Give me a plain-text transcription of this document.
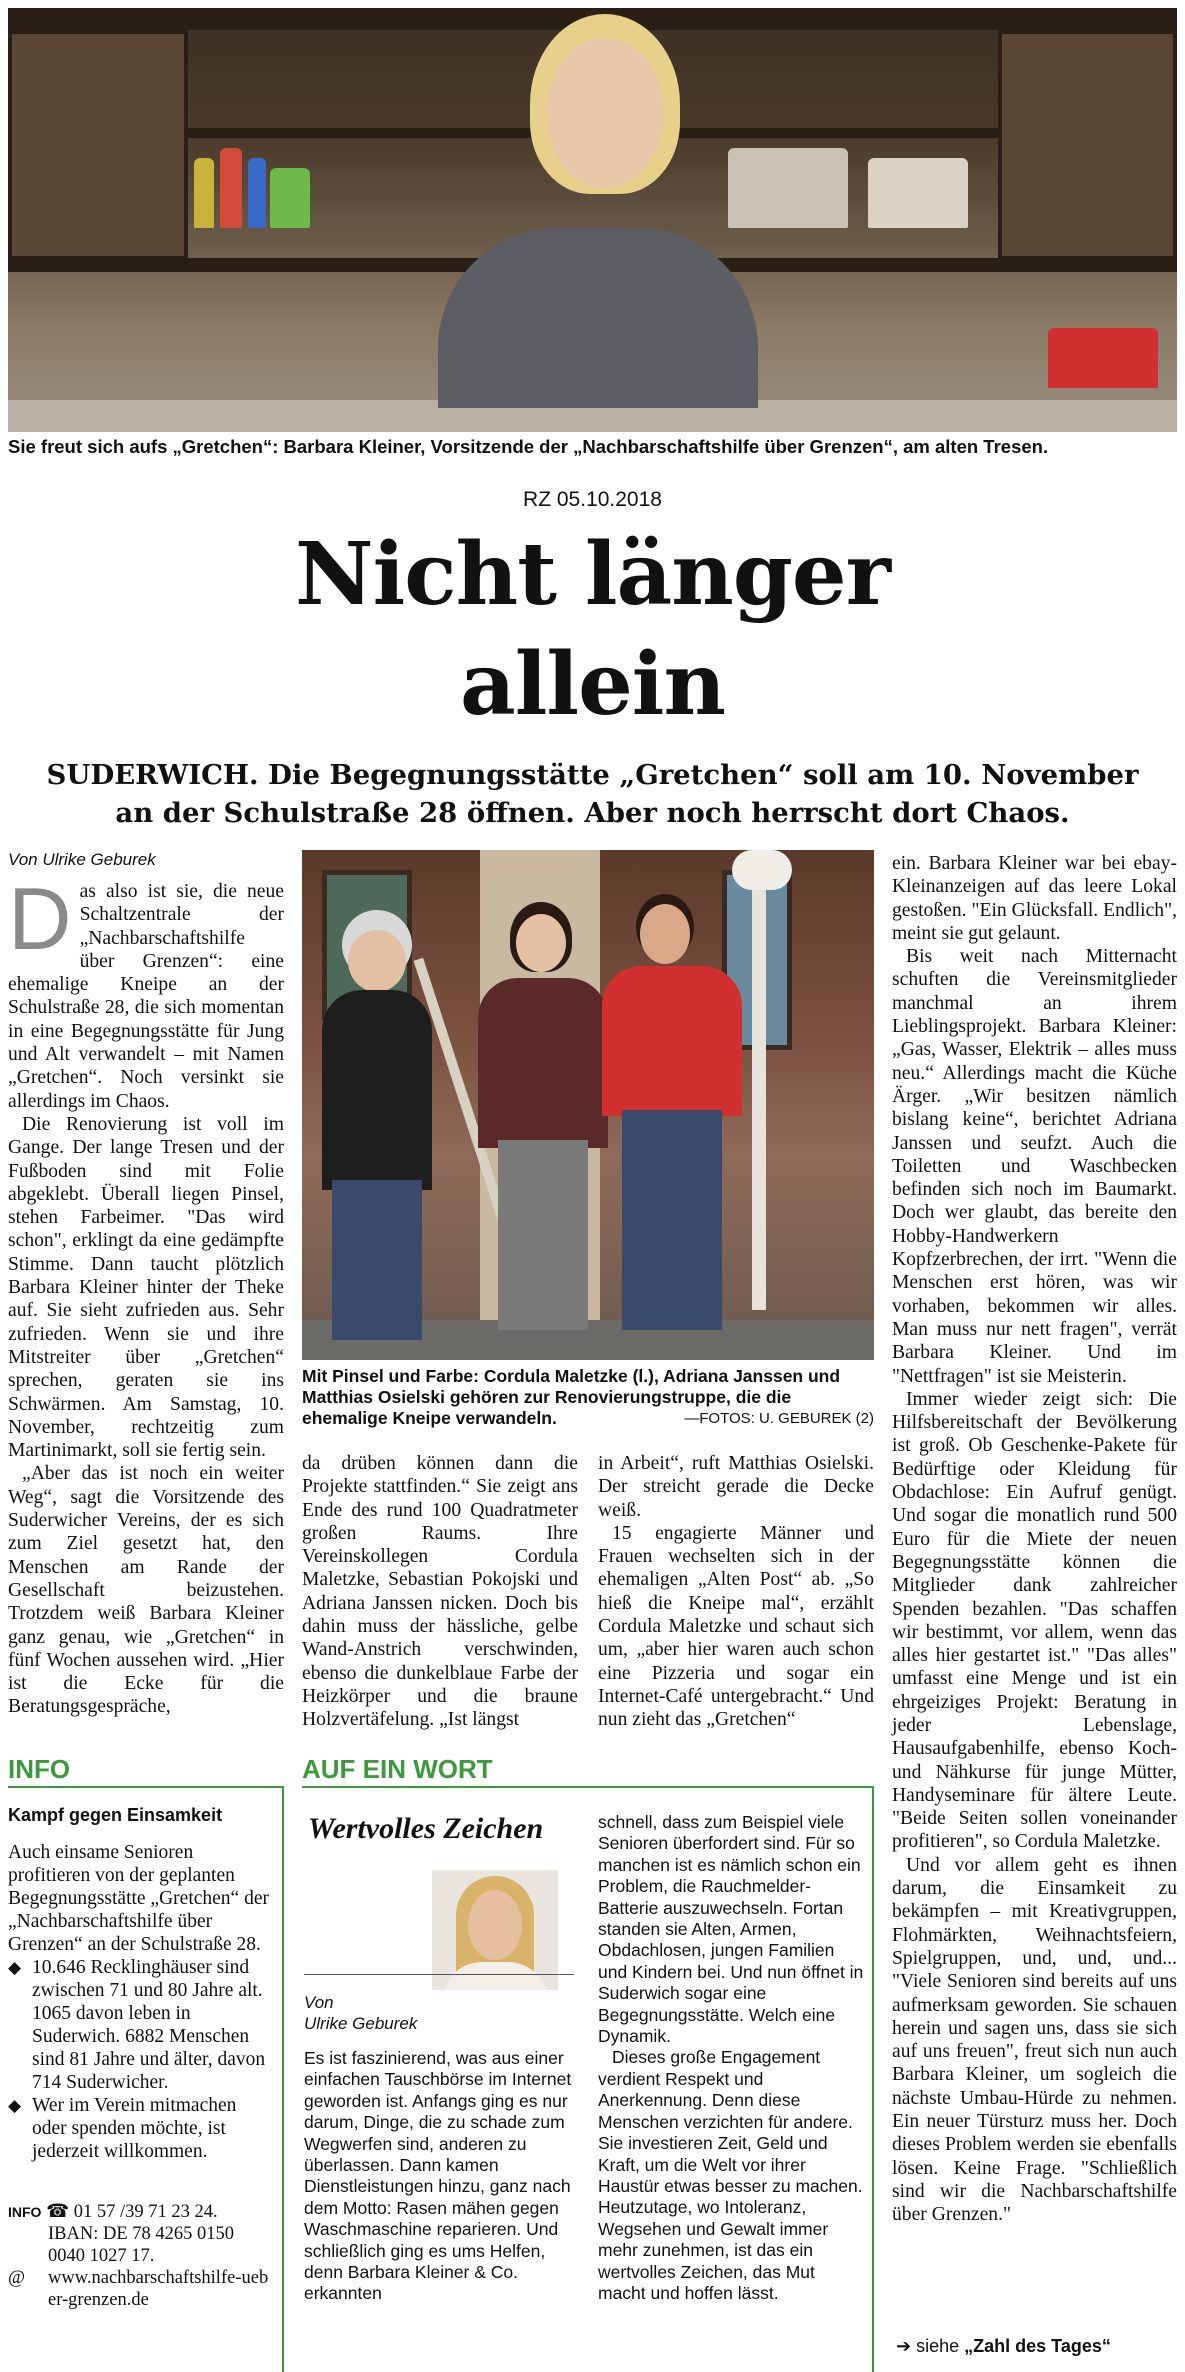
Sie freut sich aufs „Gretchen“: Barbara Kleiner, Vorsitzende der „Nachbarschaftshilfe über Grenzen“, am alten Tresen.
RZ 05.10.2018
Nicht länger
allein
SUDERWICH. Die Begegnungsstätte „Gretchen“ soll am 10. November an der Schulstraße 28 öffnen. Aber noch herrscht dort Chaos.
Von Ulrike Geburek

Das also ist sie, die neue Schaltzentrale der „Nachbarschaftshilfe über Grenzen“: eine ehemalige Kneipe an der Schulstraße 28, die sich momentan in eine Begegnungsstätte für Jung und Alt verwandelt – mit Namen „Gretchen“. Noch versinkt sie allerdings im Chaos.

Die Renovierung ist voll im Gange. Der lange Tresen und der Fußboden sind mit Folie abgeklebt. Überall liegen Pinsel, stehen Farbeimer. "Das wird schon", erklingt da eine gedämpfte Stimme. Dann taucht plötzlich Barbara Kleiner hinter der Theke auf. Sie sieht zufrieden aus. Sehr zufrieden. Wenn sie und ihre Mitstreiter über „Gretchen“ sprechen, geraten sie ins Schwärmen. Am Samstag, 10. November, rechtzeitig zum Martinimarkt, soll sie fertig sein.

„Aber das ist noch ein weiter Weg“, sagt die Vorsitzende des Suderwicher Vereins, der es sich zum Ziel gesetzt hat, den Menschen am Rande der Gesellschaft beizustehen. Trotzdem weiß Barbara Kleiner ganz genau, wie „Gretchen“ in fünf Wochen aussehen wird. „Hier ist die Ecke für die Beratungsgespräche,

Mit Pinsel und Farbe: Cordula Maletzke (l.), Adriana Janssen und Matthias Osielski gehören zur Renovierungstruppe, die die ehemalige Kneipe verwandeln.	—FOTOS: U. GEBUREK (2)

da drüben können dann die Projekte stattfinden.“ Sie zeigt ans Ende des rund 100 Quadratmeter großen Raums. Ihre Vereinskollegen Cordula Maletzke, Sebastian Pokojski und Adriana Janssen nicken. Doch bis dahin muss der hässliche, gelbe Wand-Anstrich verschwinden, ebenso die dunkelblaue Farbe der Heizkörper und die braune Holzvertäfelung. „Ist längst

in Arbeit“, ruft Matthias Osielski. Der streicht gerade die Decke weiß.

15 engagierte Männer und Frauen wechselten sich in der ehemaligen „Alten Post“ ab. „So hieß die Kneipe mal“, erzählt Cordula Maletzke und schaut sich um, „aber hier waren auch schon eine Pizzeria und sogar ein Internet-Café untergebracht.“ Und nun zieht das „Gretchen“

ein. Barbara Kleiner war bei ebay-Kleinanzeigen auf das leere Lokal gestoßen. "Ein Glücksfall. Endlich", meint sie gut gelaunt.

Bis weit nach Mitternacht schuften die Vereinsmitglieder manchmal an ihrem Lieblingsprojekt. Barbara Kleiner: „Gas, Wasser, Elektrik – alles muss neu.“ Allerdings macht die Küche Ärger. „Wir besitzen nämlich bislang keine“, berichtet Adriana Janssen und seufzt. Auch die Toiletten und Waschbecken befinden sich noch im Baumarkt. Doch wer glaubt, das bereite den Hobby-Handwerkern Kopfzerbrechen, der irrt. "Wenn die Menschen erst hören, was wir vorhaben, bekommen wir alles. Man muss nur nett fragen", verrät Barbara Kleiner. Und im "Nettfragen" ist sie Meisterin.

Immer wieder zeigt sich: Die Hilfsbereitschaft der Bevölkerung ist groß. Ob Geschenke-Pakete für Bedürftige oder Kleidung für Obdachlose: Ein Aufruf genügt. Und sogar die monatlich rund 500 Euro für die Miete der neuen Begegnungsstätte können die Mitglieder dank zahlreicher Spenden bezahlen. "Das schaffen wir bestimmt, vor allem, wenn das alles hier gestartet ist." "Das alles" umfasst eine Menge und ist ein ehrgeiziges Projekt: Beratung in jeder Lebenslage, Hausaufgabenhilfe, ebenso Koch- und Nähkurse für junge Mütter, Handyseminare für ältere Leute. "Beide Seiten sollen voneinander profitieren", so Cordula Maletzke.

Und vor allem geht es ihnen darum, die Einsamkeit zu bekämpfen – mit Kreativgruppen, Flohmärkten, Weihnachtsfeiern, Spielgruppen, und, und, und... "Viele Senioren sind bereits auf uns aufmerksam geworden. Sie schauen herein und sagen uns, dass sie sich auf uns freuen", freut sich nun auch Barbara Kleiner, um sogleich die nächste Umbau-Hürde zu nehmen. Ein neuer Türsturz muss her. Doch dieses Problem werden sie ebenfalls lösen. Keine Frage. "Schließlich sind wir die Nachbarschaftshilfe über Grenzen."

➔ siehe „Zahl des Tages“
INFO
Kampf gegen Einsamkeit
Auch einsame Senioren profitieren von der geplanten Begegnungsstätte „Gretchen“ der „Nachbarschaftshilfe über Grenzen“ an der Schulstraße 28.
◆ 10.646 Recklinghäuser sind zwischen 71 und 80 Jahre alt. 1065 davon leben in Suderwich. 6882 Menschen sind 81 Jahre und älter, davon 714 Suderwicher.
◆ Wer im Verein mitmachen oder spenden möchte, ist jederzeit willkommen.
INFO ☎ 01 57 /39 71 23 24.
IBAN: DE 78 4265 0150 0040 1027 17.
@	www.nachbarschaftshilfe-ueber-grenzen.de
AUF EIN WORT
Wertvolles Zeichen
Von
Ulrike Geburek

Es ist faszinierend, was aus einer einfachen Tauschbörse im Internet geworden ist. Anfangs ging es nur darum, Dinge, die zu schade zum Wegwerfen sind, anderen zu überlassen. Dann kamen Dienstleistungen hinzu, ganz nach dem Motto: Rasen mähen gegen Waschmaschine reparieren. Und schließlich ging es ums Helfen, denn Barbara Kleiner & Co. erkannten

schnell, dass zum Beispiel viele Senioren überfordert sind. Für so manchen ist es nämlich schon ein Problem, die Rauchmelder-Batterie auszuwechseln. Fortan standen sie Alten, Armen, Obdachlosen, jungen Familien und Kindern bei. Und nun öffnet in Suderwich sogar eine Begegnungsstätte. Welch eine Dynamik.

Dieses große Engagement verdient Respekt und Anerkennung. Denn diese Menschen verzichten für andere. Sie investieren Zeit, Geld und Kraft, um die Welt vor ihrer Haustür etwas besser zu machen. Heutzutage, wo Intoleranz, Wegsehen und Gewalt immer mehr zunehmen, ist das ein wertvolles Zeichen, das Mut macht und hoffen lässt.
